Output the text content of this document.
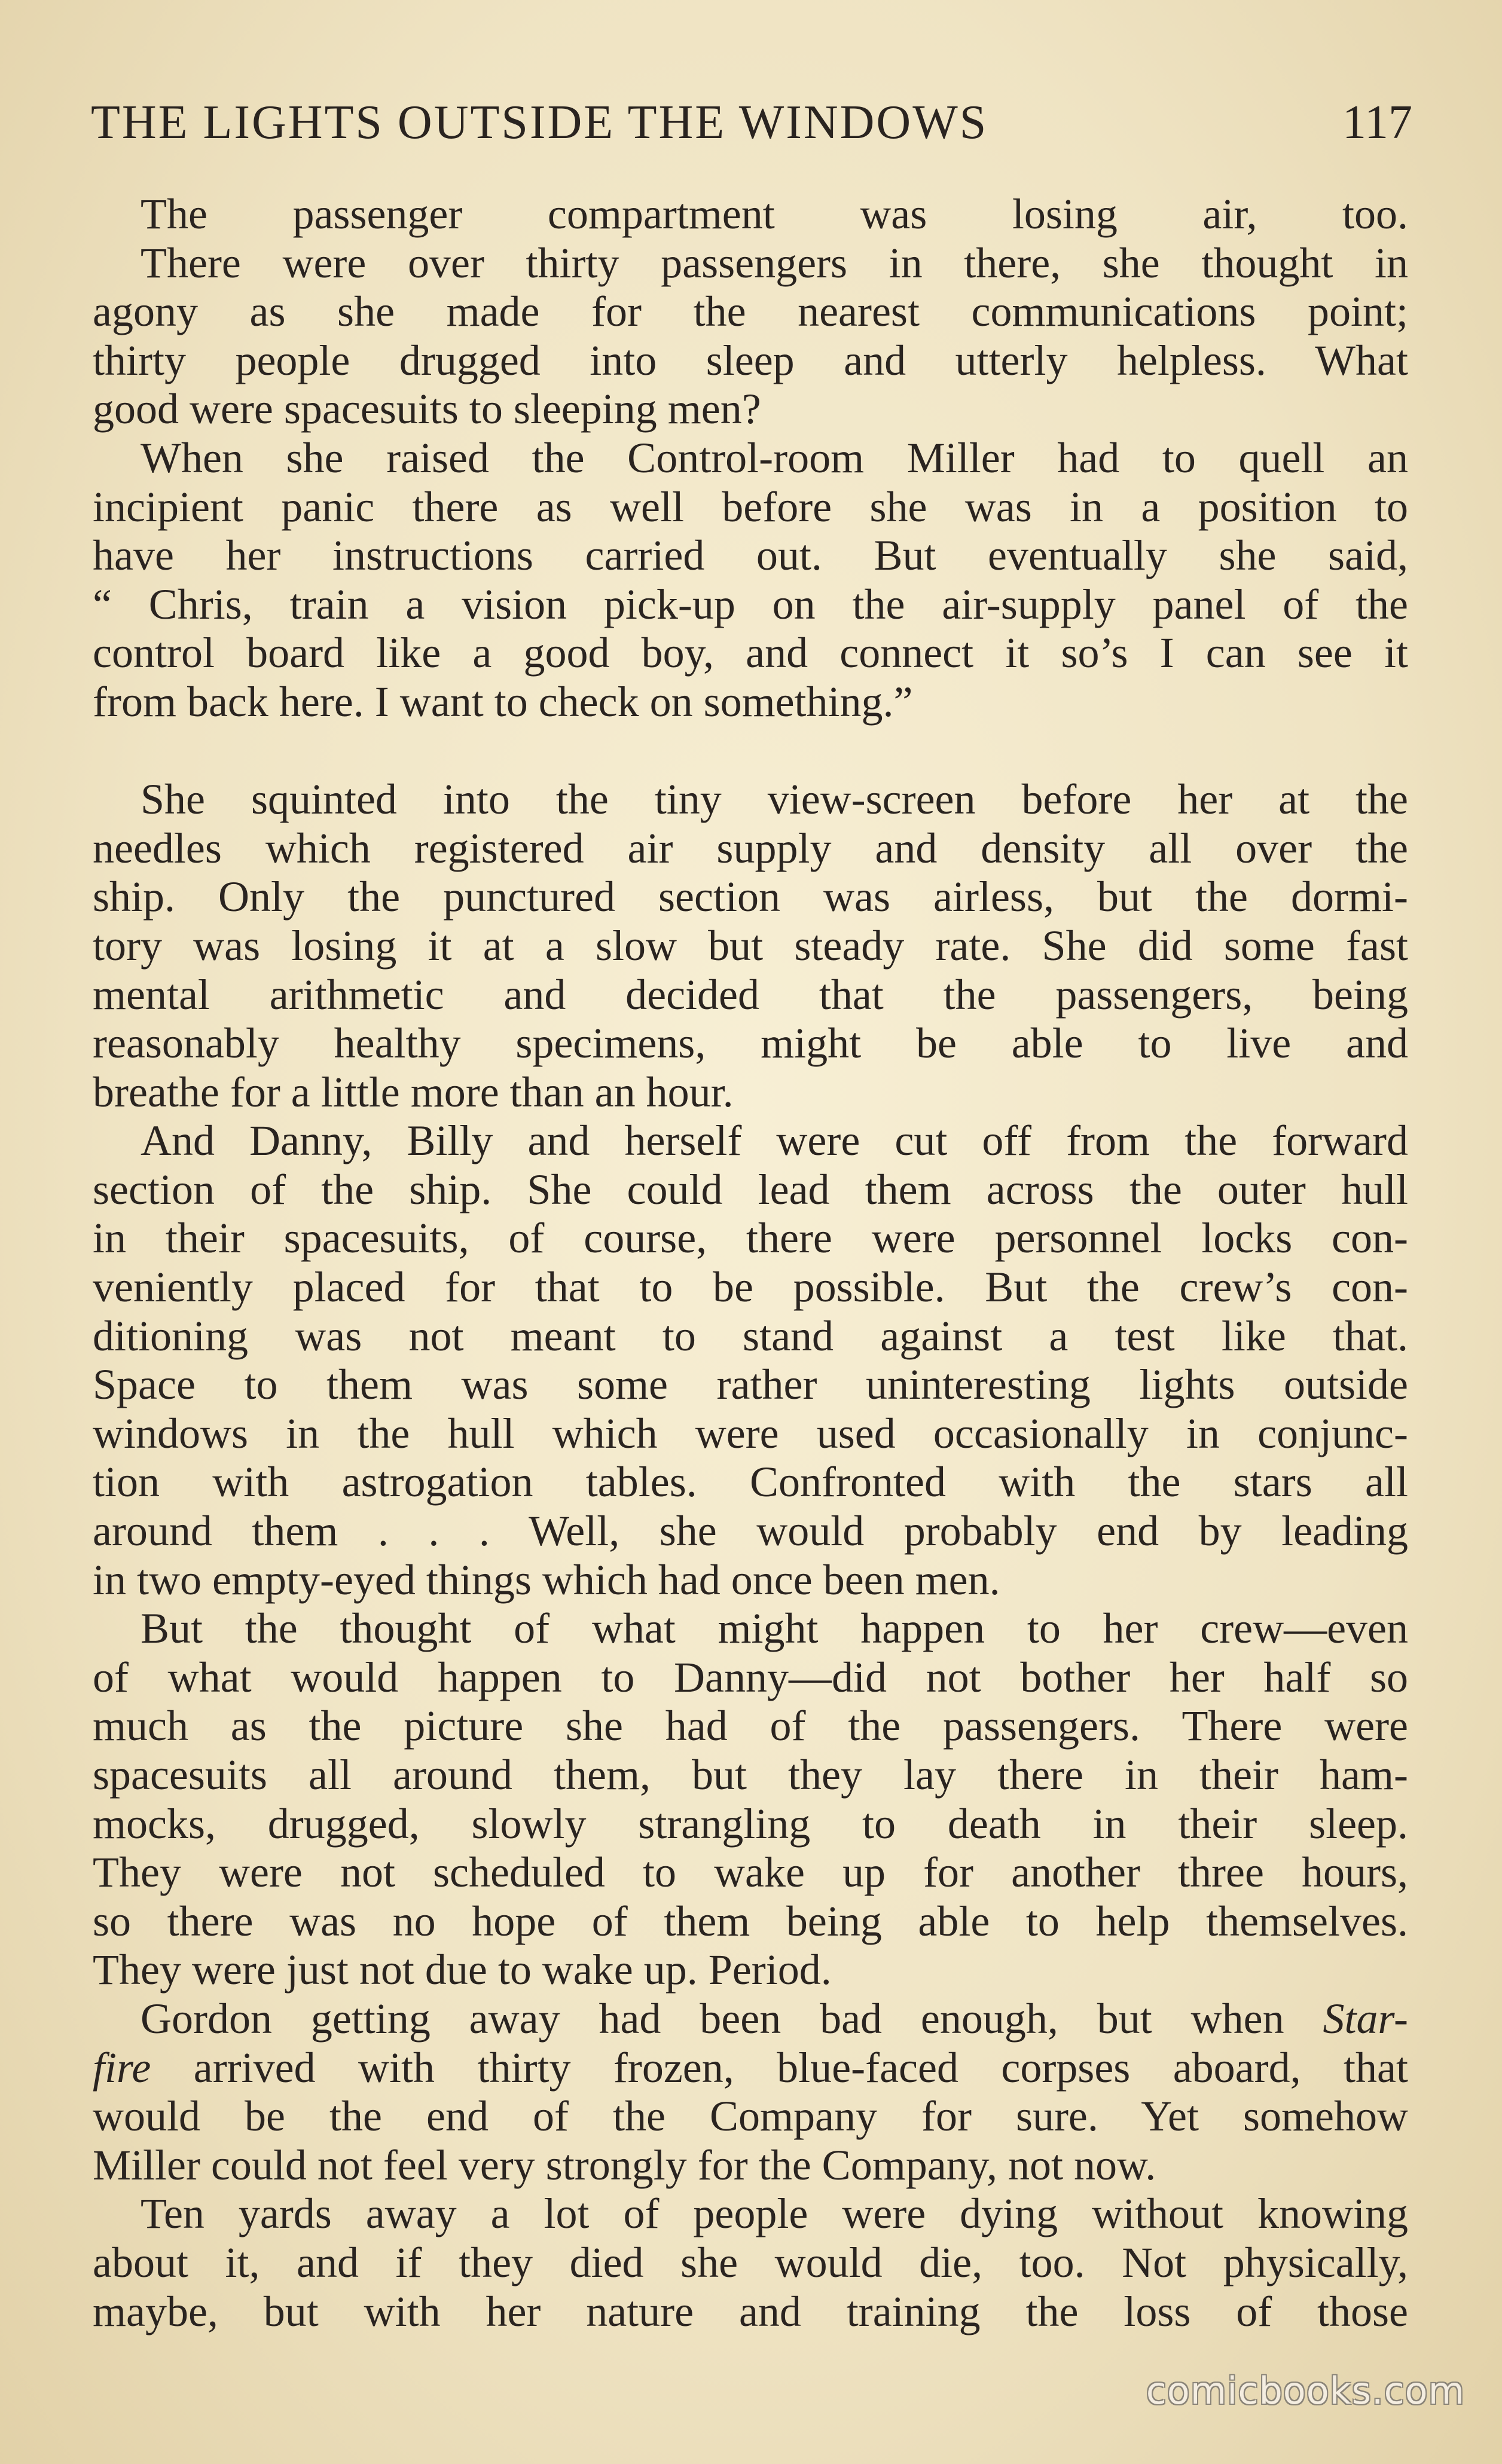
THE LIGHTS OUTSIDE THE WINDOWS	117
The passenger compartment was losing air, too.
There were over thirty passengers in there, she thought in
agony as she made for the nearest communications point;
thirty people drugged into sleep and utterly helpless. What
good were spacesuits to sleeping men?
When she raised the Control-room Miller had to quell an
incipient panic there as well before she was in a position to
have her instructions carried out. But eventually she said,
“ Chris, train a vision pick-up on the air-supply panel of the
control board like a good boy, and connect it so’s I can see it
from back here. I want to check on something.”
She squinted into the tiny view-screen before her at the
needles which registered air supply and density all over the
ship. Only the punctured section was airless, but the dormi-
tory was losing it at a slow but steady rate. She did some fast
mental arithmetic and decided that the passengers, being
reasonably healthy specimens, might be able to live and
breathe for a little more than an hour.
And Danny, Billy and herself were cut off from the forward
section of the ship. She could lead them across the outer hull
in their spacesuits, of course, there were personnel locks con-
veniently placed for that to be possible. But the crew’s con-
ditioning was not meant to stand against a test like that.
Space to them was some rather uninteresting lights outside
windows in the hull which were used occasionally in conjunc-
tion with astrogation tables. Confronted with the stars all
around them . . . Well, she would probably end by leading
in two empty-eyed things which had once been men.
But the thought of what might happen to her crew—even
of what would happen to Danny—did not bother her half so
much as the picture she had of the passengers. There were
spacesuits all around them, but they lay there in their ham-
mocks, drugged, slowly strangling to death in their sleep.
They were not scheduled to wake up for another three hours,
so there was no hope of them being able to help themselves.
They were just not due to wake up. Period.
Gordon getting away had been bad enough, but when Star-
fire arrived with thirty frozen, blue-faced corpses aboard, that
would be the end of the Company for sure. Yet somehow
Miller could not feel very strongly for the Company, not now.
Ten yards away a lot of people were dying without knowing
about it, and if they died she would die, too. Not physically,
maybe, but with her nature and training the loss of those
comicbooks.com
